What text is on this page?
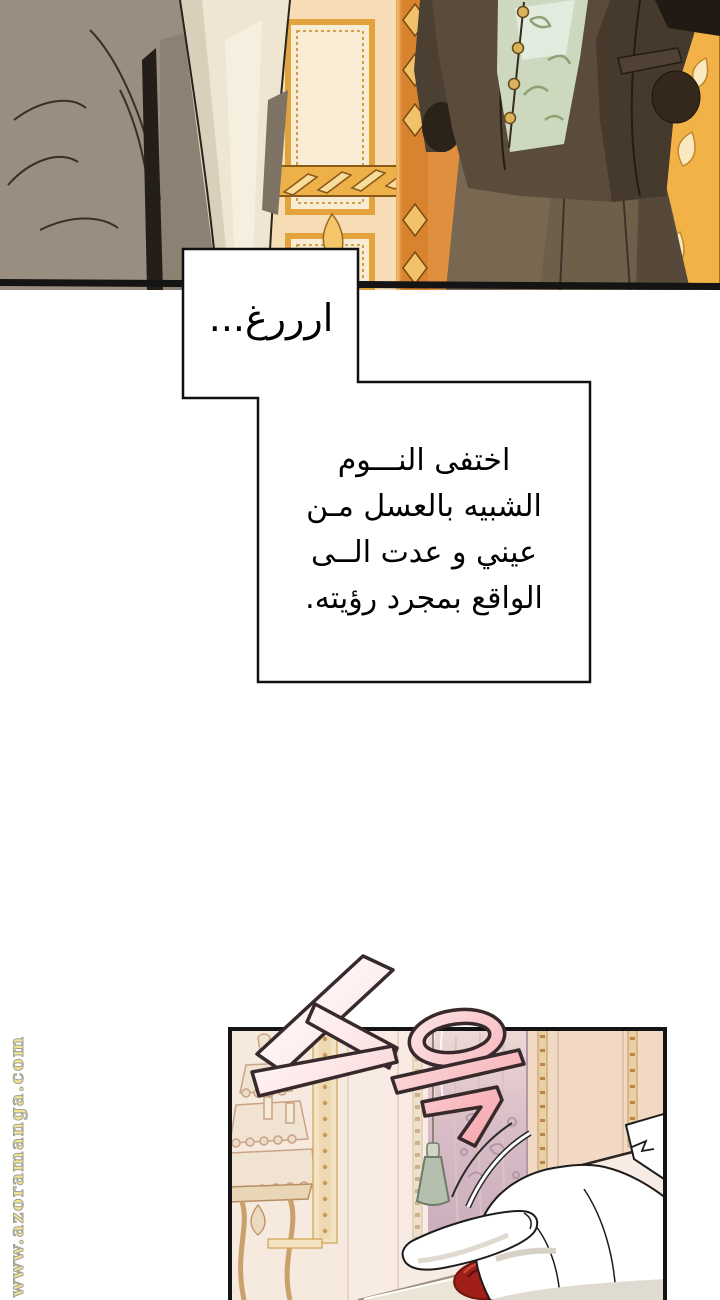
ارررغ...
اختفى النـــوم
الشبيه بالعسل مـن
عيني و عدت الــى
الواقع بمجرد رؤيته.
www.azoramanga.com
